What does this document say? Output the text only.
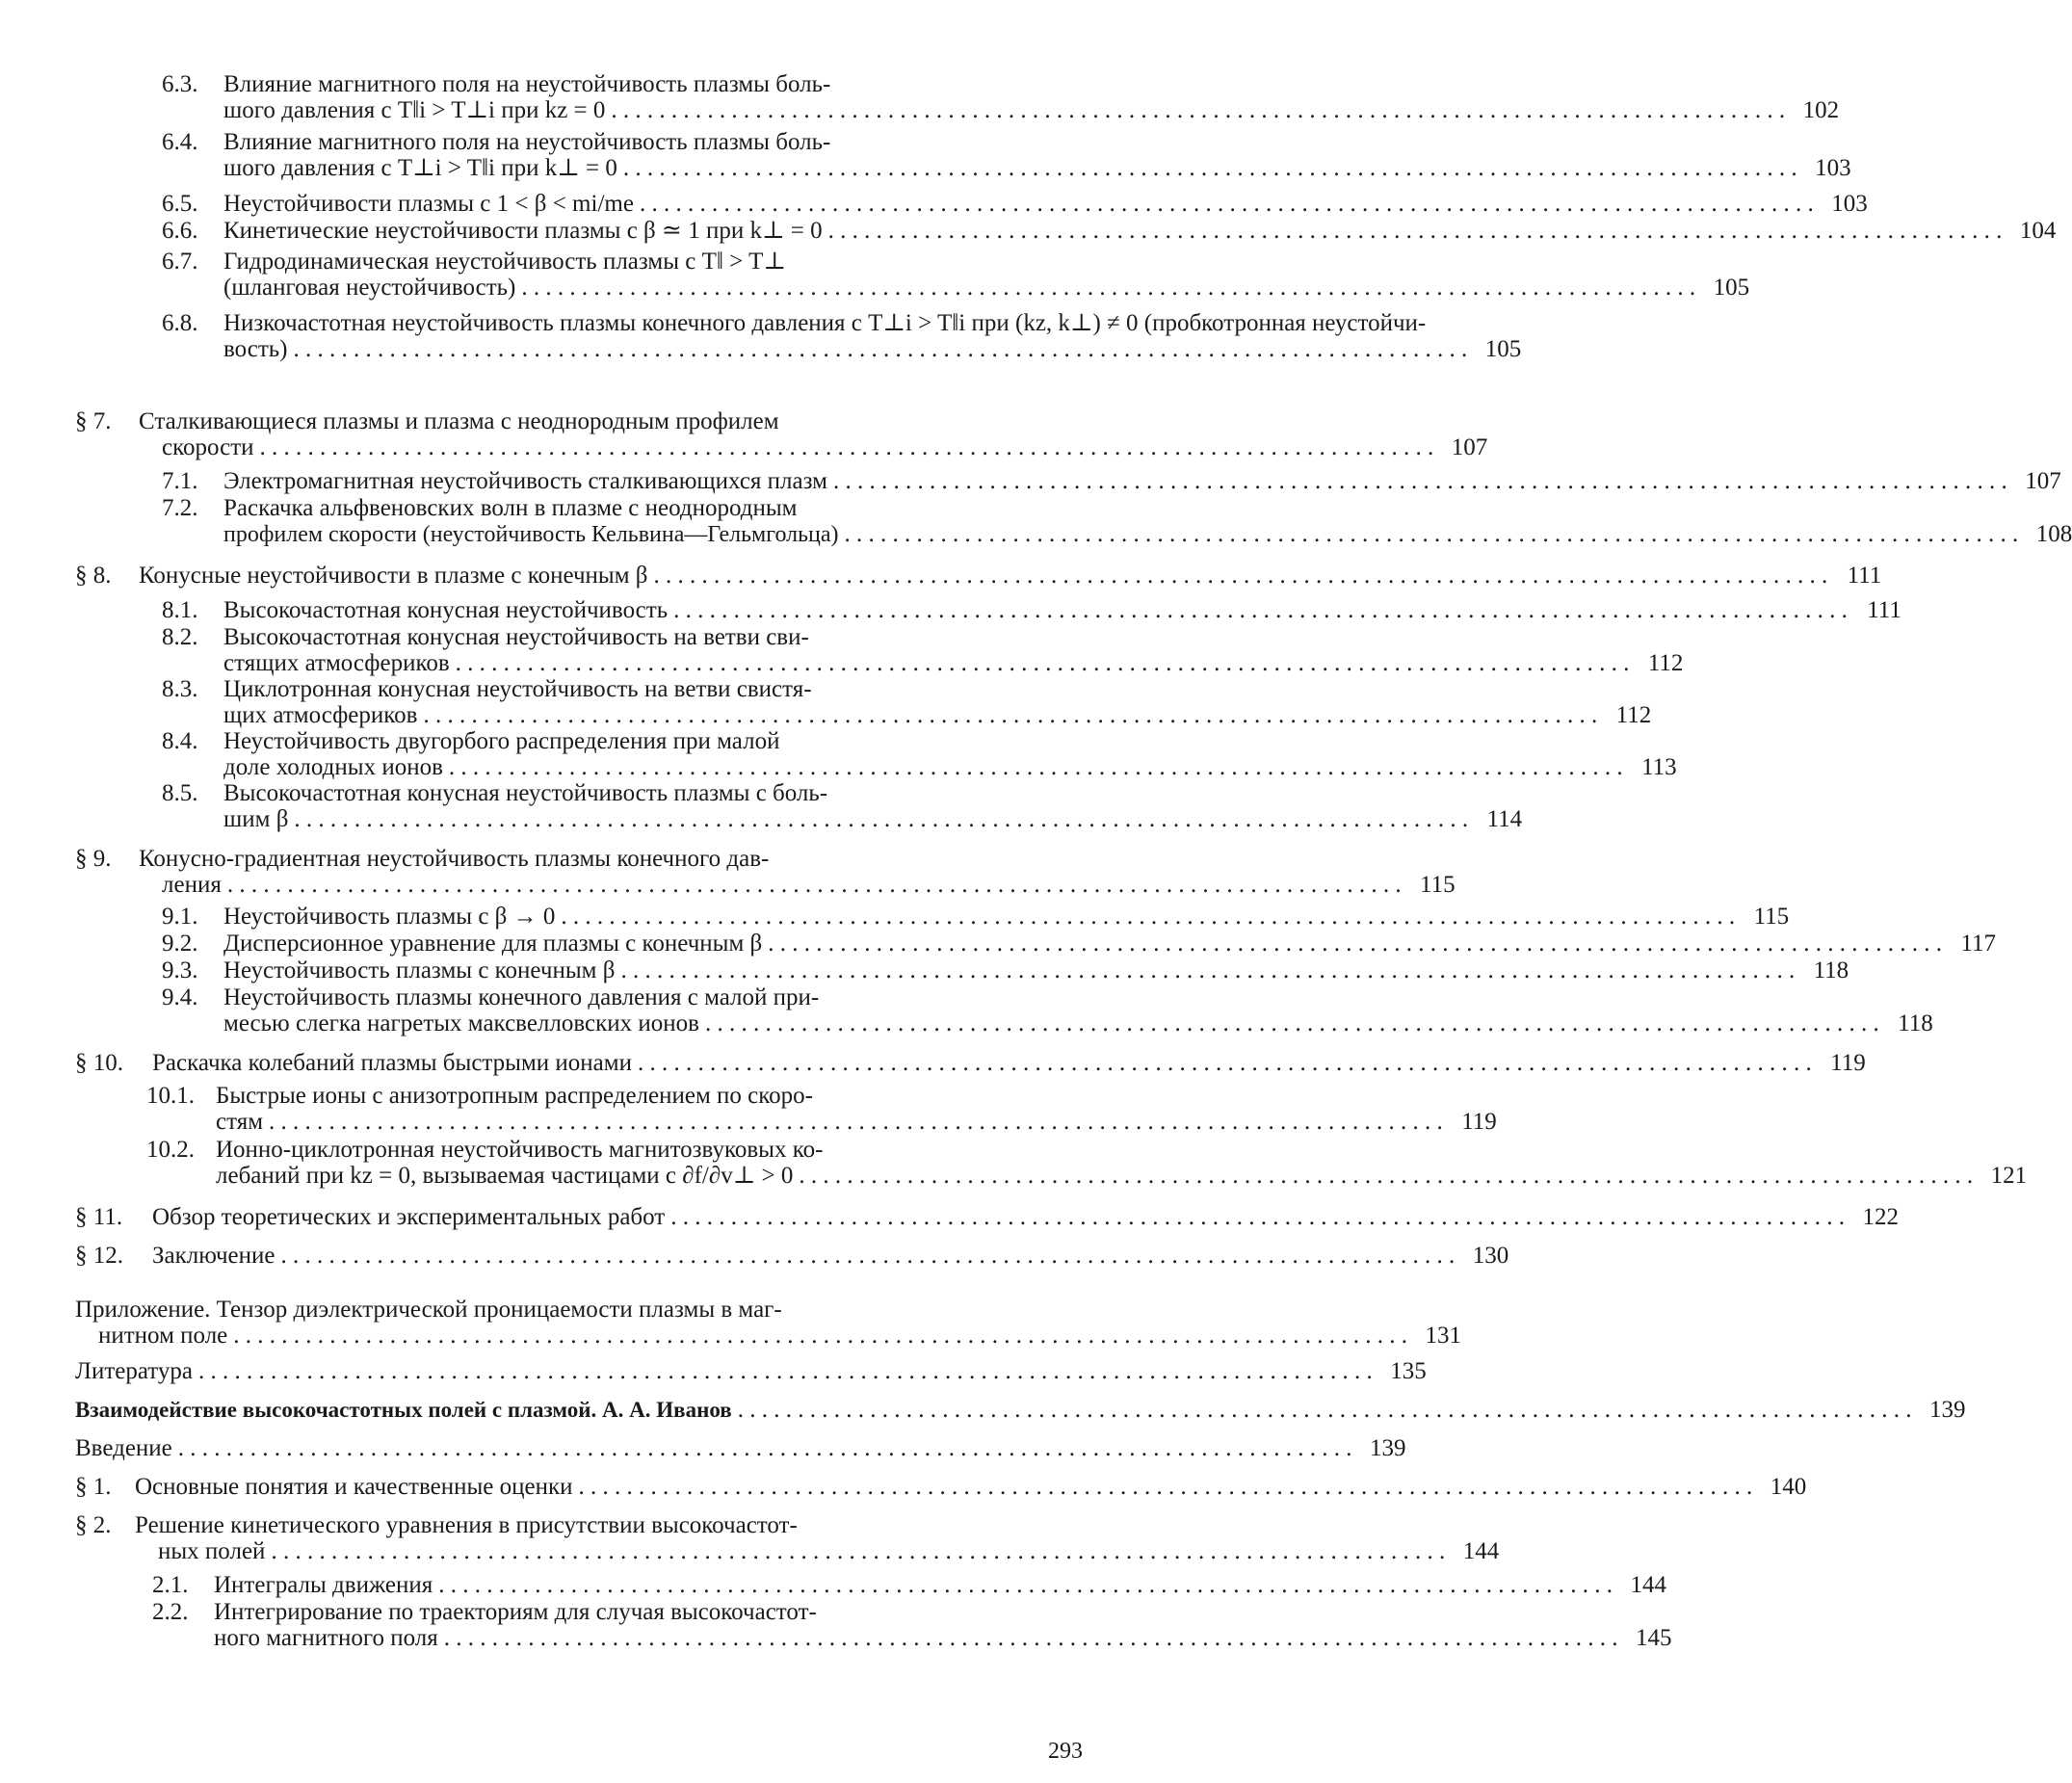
6.3.	Влияние магнитного поля на неустойчивость плазмы боль-
шого давления с T‖i > T⊥i при kz = 0
. . .	102
6.4.	Влияние магнитного поля на неустойчивость плазмы боль-
шого давления с T⊥i > T‖i при k⊥ = 0
. . .	103
6.5.	Неустойчивости плазмы с 1 < β < mi/me
. . .	103
6.6.	Кинетические неустойчивости плазмы с β ≃ 1 при k⊥ = 0
. . .	104
6.7.	Гидродинамическая неустойчивость плазмы с T‖ > T⊥
(шланговая неустойчивость)
. . .	105
6.8.	Низкочастотная неустойчивость плазмы конечного давления с T⊥i > T‖i при (kz, k⊥) ≠ 0 (пробкотронная неустойчи-
вость)
. . .	105
§ 7.	Сталкивающиеся плазмы и плазма с неоднородным профилем
скорости
. . .	107
7.1.	Электромагнитная неустойчивость сталкивающихся плазм
. . .	107
7.2.	Раскачка альфвеновских волн в плазме с неоднородным
профилем скорости (неустойчивость Кельвина—Гельмгольца)
. . .	108
§ 8.	Конусные неустойчивости в плазме с конечным β
. . .	111
8.1.	Высокочастотная конусная неустойчивость
. . .	111
8.2.	Высокочастотная конусная неустойчивость на ветви сви-
стящих атмосфериков
. . .	112
8.3.	Циклотронная конусная неустойчивость на ветви свистя-
щих атмосфериков
. . .	112
8.4.	Неустойчивость двугорбого распределения при малой
доле холодных ионов
. . .	113
8.5.	Высокочастотная конусная неустойчивость плазмы с боль-
шим β
. . .	114
§ 9.	Конусно-градиентная неустойчивость плазмы конечного дав-
ления
. . .	115
9.1.	Неустойчивость плазмы с β → 0
. . .	115
9.2.	Дисперсионное уравнение для плазмы с конечным β
. . .	117
9.3.	Неустойчивость плазмы с конечным β
. . .	118
9.4.	Неустойчивость плазмы конечного давления с малой при-
месью слегка нагретых максвелловских ионов
. . .	118
§ 10.	Раскачка колебаний плазмы быстрыми ионами
. . .	119
10.1. Быстрые ионы с анизотропным распределением по скоро-
стям
. . .	119
10.2. Ионно-циклотронная неустойчивость магнитозвуковых ко-
лебаний при kz = 0, вызываемая частицами с ∂f/∂v⊥ > 0
. . .	121
§ 11.	Обзор теоретических и экспериментальных работ
. . .	122
§ 12.	Заключение
. . .	130
Приложение. Тензор диэлектрической проницаемости плазмы в маг-
нитном поле
. . .	131
Литература
. . .	135
Взаимодействие высокочастотных полей с плазмой. А. А. Иванов
. . .	139
Введение
. . .	139
§ 1. Основные понятия и качественные оценки
. . .	140
§ 2. Решение кинетического уравнения в присутствии высокочастот-
ных полей
. . .	144
2.1.	Интегралы движения
. . .	144
2.2.	Интегрирование по траекториям для случая высокочастот-
ного магнитного поля
. . .	145
293
